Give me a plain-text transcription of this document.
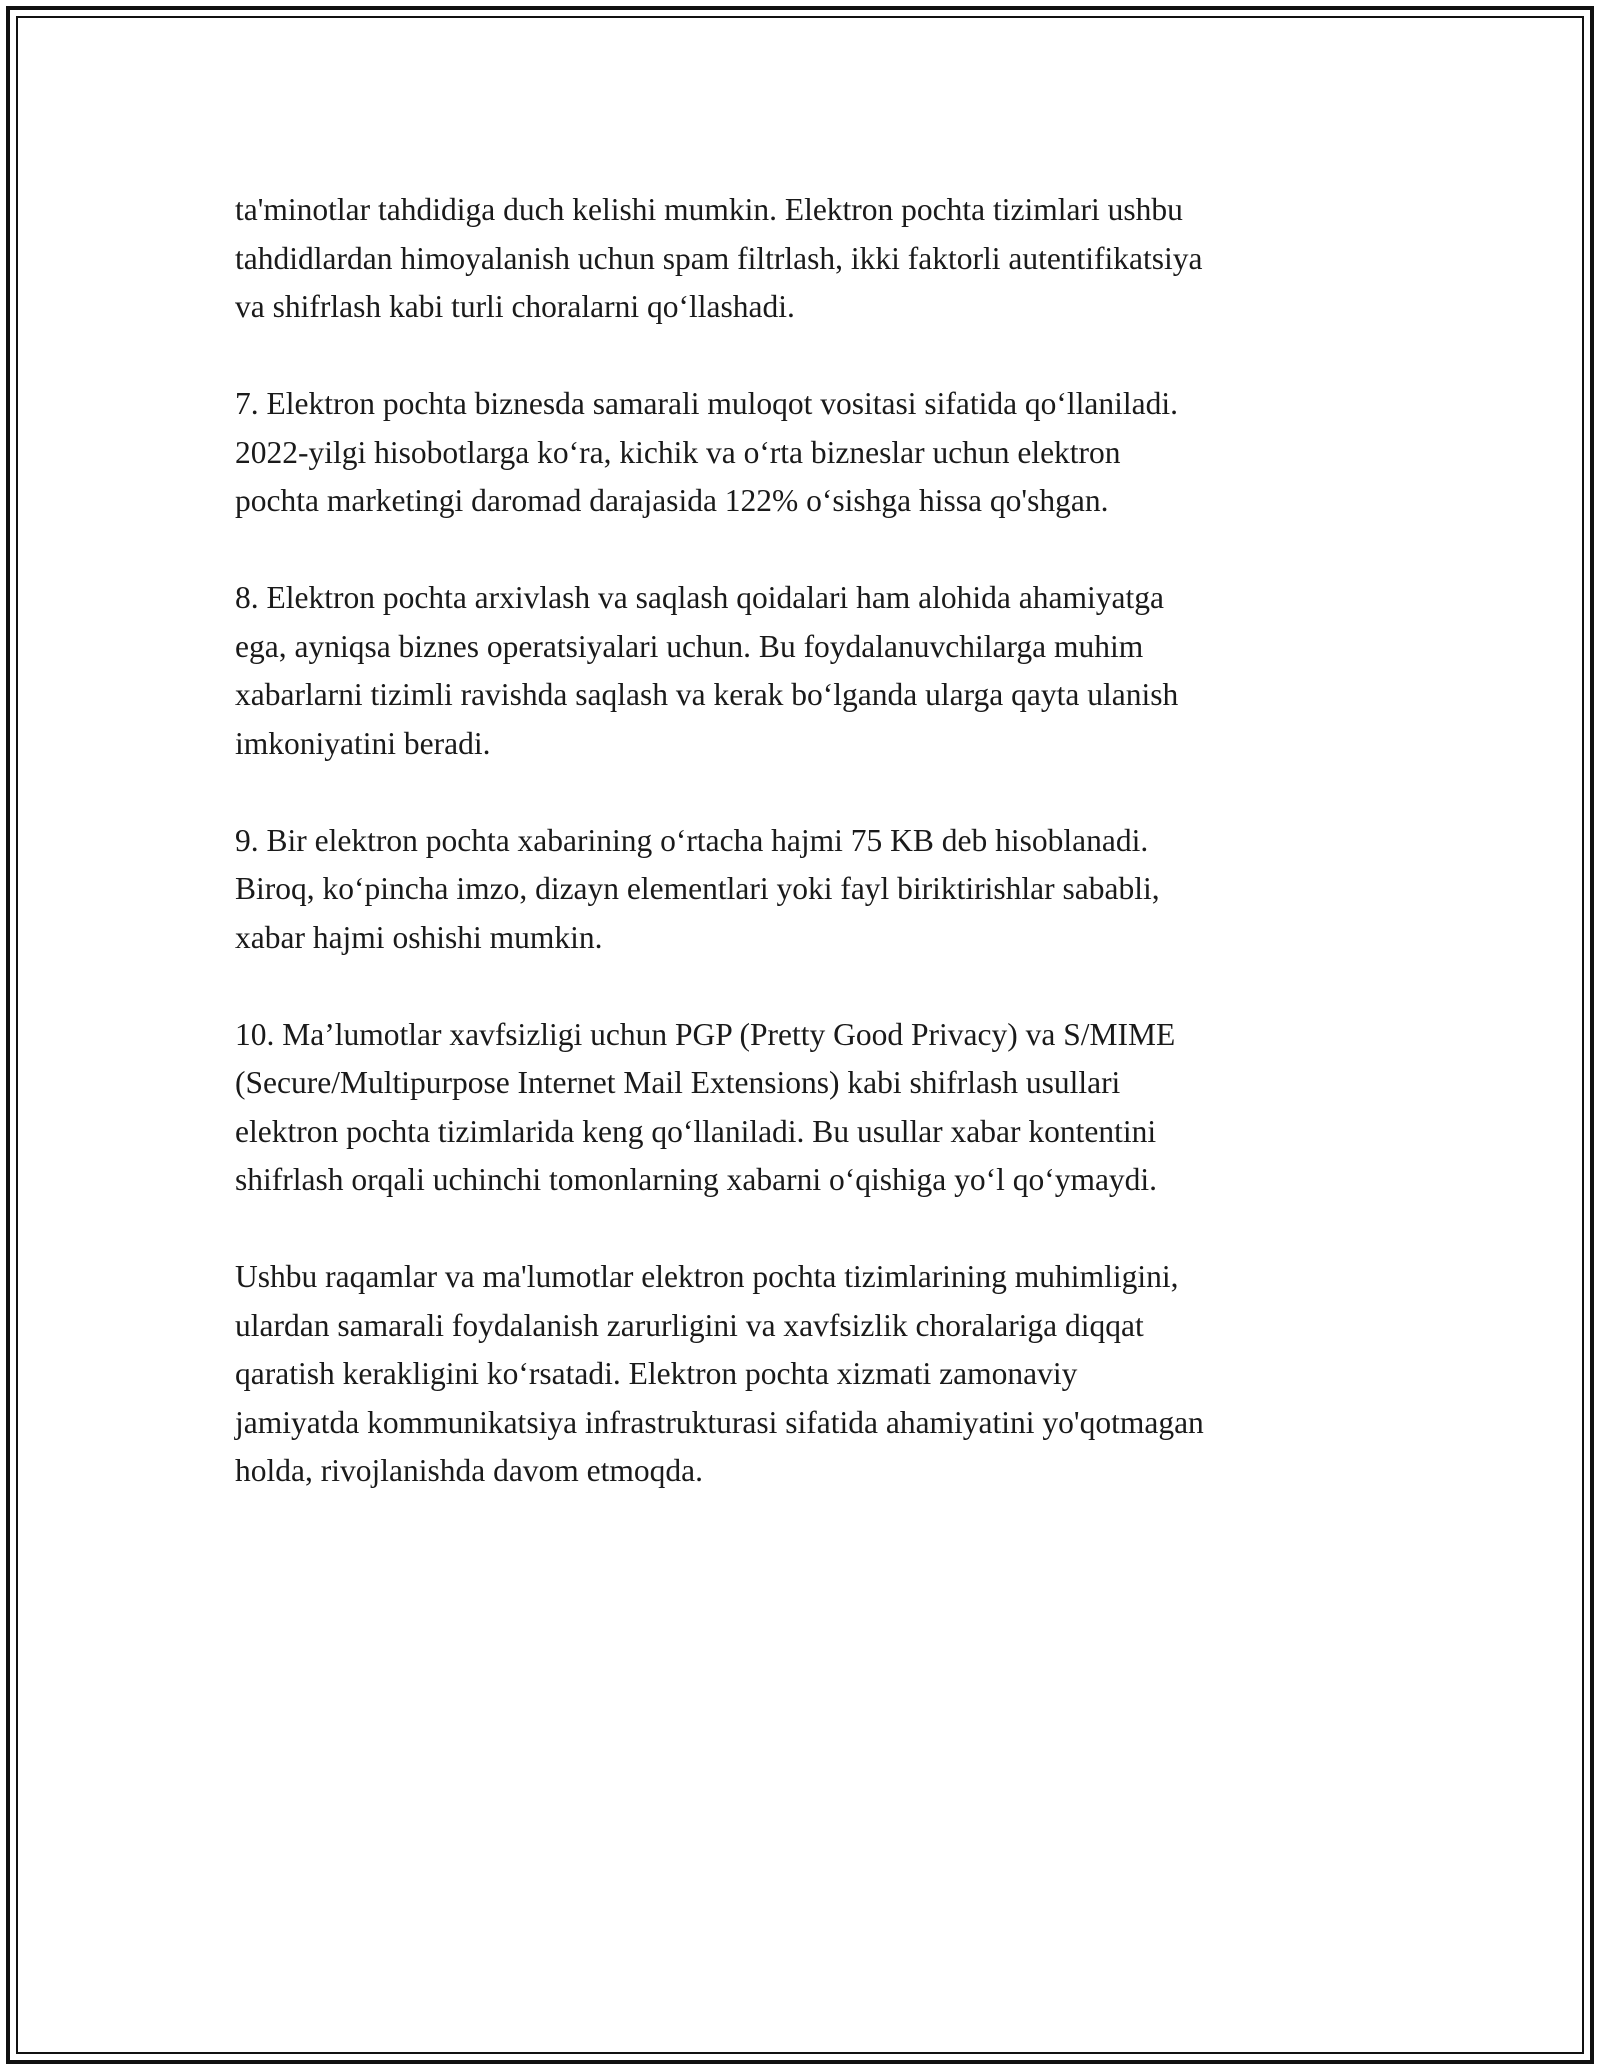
ta'minotlar tahdidiga duch kelishi mumkin. Elektron pochta tizimlari ushbu
tahdidlardan himoyalanish uchun spam filtrlash, ikki faktorli autentifikatsiya
va shifrlash kabi turli choralarni qo‘llashadi.

7. Elektron pochta biznesda samarali muloqot vositasi sifatida qo‘llaniladi.
2022-yilgi hisobotlarga ko‘ra, kichik va o‘rta bizneslar uchun elektron
pochta marketingi daromad darajasida 122% o‘sishga hissa qo'shgan.

8. Elektron pochta arxivlash va saqlash qoidalari ham alohida ahamiyatga
ega, ayniqsa biznes operatsiyalari uchun. Bu foydalanuvchilarga muhim
xabarlarni tizimli ravishda saqlash va kerak bo‘lganda ularga qayta ulanish
imkoniyatini beradi.

9. Bir elektron pochta xabarining o‘rtacha hajmi 75 KB deb hisoblanadi.
Biroq, ko‘pincha imzo, dizayn elementlari yoki fayl biriktirishlar sababli,
xabar hajmi oshishi mumkin.

10. Ma’lumotlar xavfsizligi uchun PGP (Pretty Good Privacy) va S/MIME
(Secure/Multipurpose Internet Mail Extensions) kabi shifrlash usullari
elektron pochta tizimlarida keng qo‘llaniladi. Bu usullar xabar kontentini
shifrlash orqali uchinchi tomonlarning xabarni o‘qishiga yo‘l qo‘ymaydi.

Ushbu raqamlar va ma'lumotlar elektron pochta tizimlarining muhimligini,
ulardan samarali foydalanish zarurligini va xavfsizlik choralariga diqqat
qaratish kerakligini ko‘rsatadi. Elektron pochta xizmati zamonaviy
jamiyatda kommunikatsiya infrastrukturasi sifatida ahamiyatini yo'qotmagan
holda, rivojlanishda davom etmoqda.
